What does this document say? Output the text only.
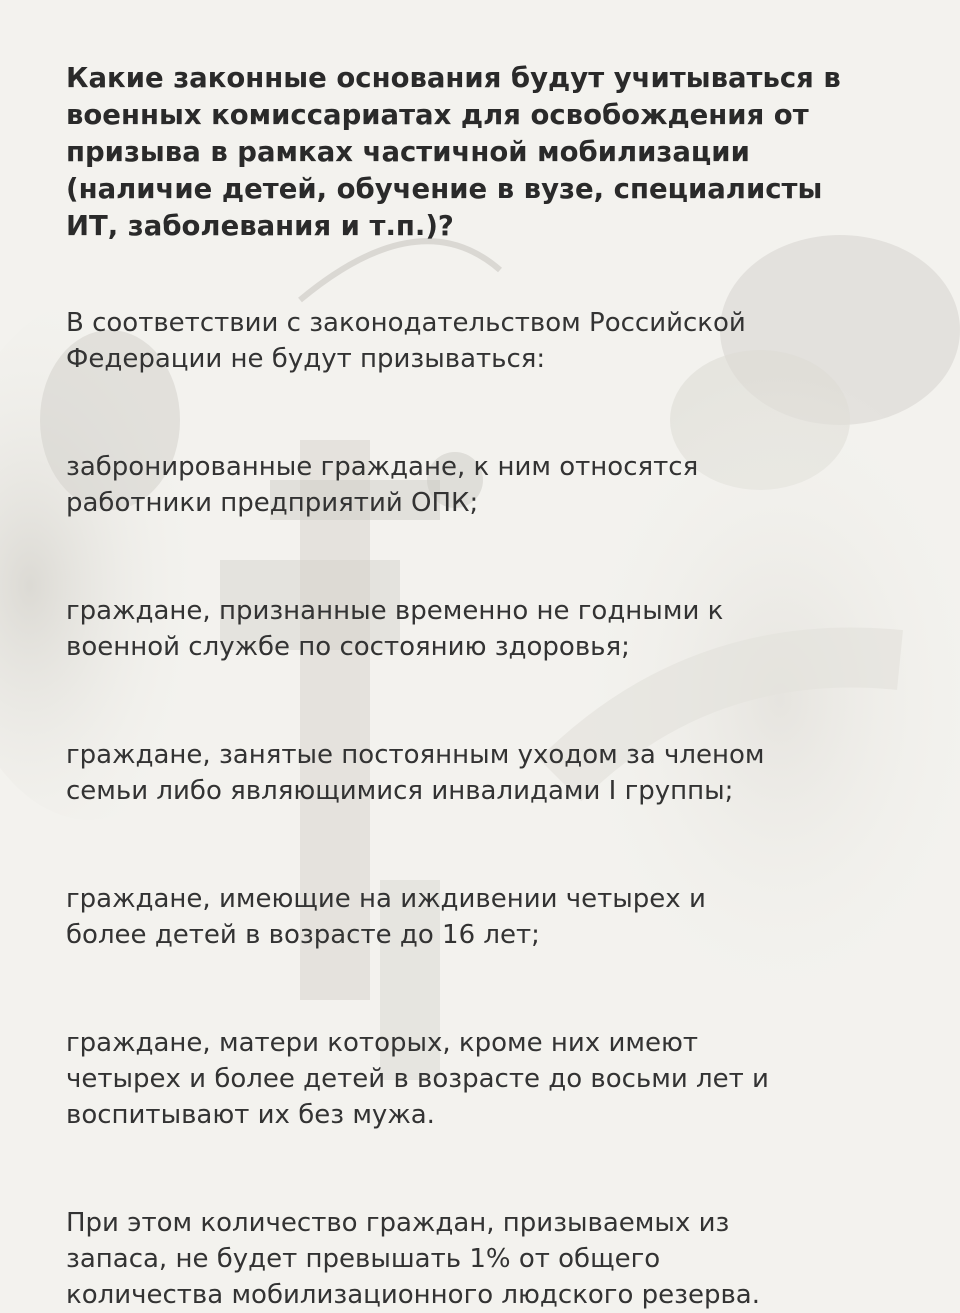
Какие законные основания будут учитываться в
военных комиссариатах для освобождения от
призыва в рамках частичной мобилизации
(наличие детей, обучение в вузе, специалисты
ИТ, заболевания и т.п.)?

В соответствии с законодательством Российской
Федерации не будут призываться:

забронированные граждане, к ним относятся
работники предприятий ОПК;

граждане, признанные временно не годными к
военной службе по состоянию здоровья;

граждане, занятые постоянным уходом за членом
семьи либо являющимися инвалидами I группы;

граждане, имеющие на иждивении четырех и
более детей в возрасте до 16 лет;

граждане, матери которых, кроме них имеют
четырех и более детей в возрасте до восьми лет и
воспитывают их без мужа.

При этом количество граждан, призываемых из
запаса, не будет превышать 1% от общего
количества мобилизационного людского резерва.
